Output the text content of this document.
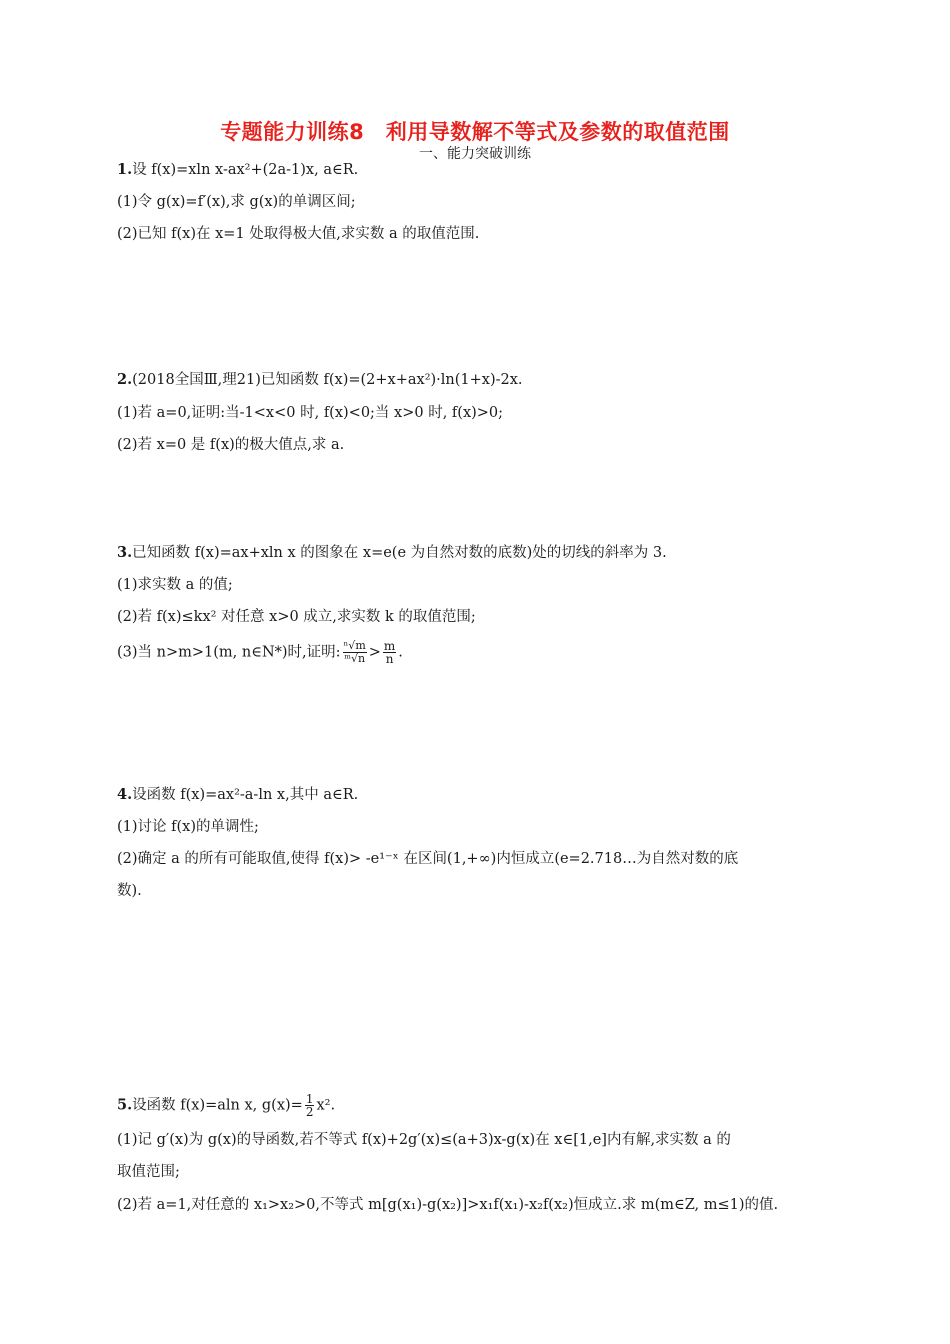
专题能力训练8　利用导数解不等式及参数的取值范围
一、能力突破训练
1.设 f(x)=xln x-ax²+(2a-1)x, a∈R.
(1)令 g(x)=f′(x),求 g(x)的单调区间;
(2)已知 f(x)在 x=1 处取得极大值,求实数 a 的取值范围.
2.(2018全国Ⅲ,理21)已知函数 f(x)=(2+x+ax²)·ln(1+x)-2x.
(1)若 a=0,证明:当-1<x<0 时, f(x)<0;当 x>0 时, f(x)>0;
(2)若 x=0 是 f(x)的极大值点,求 a.
3.已知函数 f(x)=ax+xln x 的图象在 x=e(e 为自然对数的底数)处的切线的斜率为 3.
(1)求实数 a 的值;
(2)若 f(x)≤kx² 对任意 x>0 成立,求实数 k 的取值范围;
(3)当 n>m>1(m, n∈N*)时,证明: $\frac{\text{ⁿ√m}}{\text{ᵐ√n}} > \frac{m}{n}$ .
4.设函数 f(x)=ax²-a-ln x,其中 a∈R.
(1)讨论 f(x)的单调性;
(2)确定 a 的所有可能取值,使得 f(x)> -e¹⁻ˣ 在区间(1,+∞)内恒成立(e=2.718…为自然对数的底
数).
5.设函数 f(x)=aln x, $g(x)= \frac{1}{2} x^2$.
(1)记 g′(x)为 g(x)的导函数,若不等式 f(x)+2g′(x)≤(a+3)x-g(x)在 x∈[1,e]内有解,求实数 a 的
取值范围;
(2)若 a=1,对任意的 x₁>x₂>0,不等式 m[g(x₁)-g(x₂)]>x₁f(x₁)-x₂f(x₂)恒成立.求 m(m∈Z, m≤1)的值.
